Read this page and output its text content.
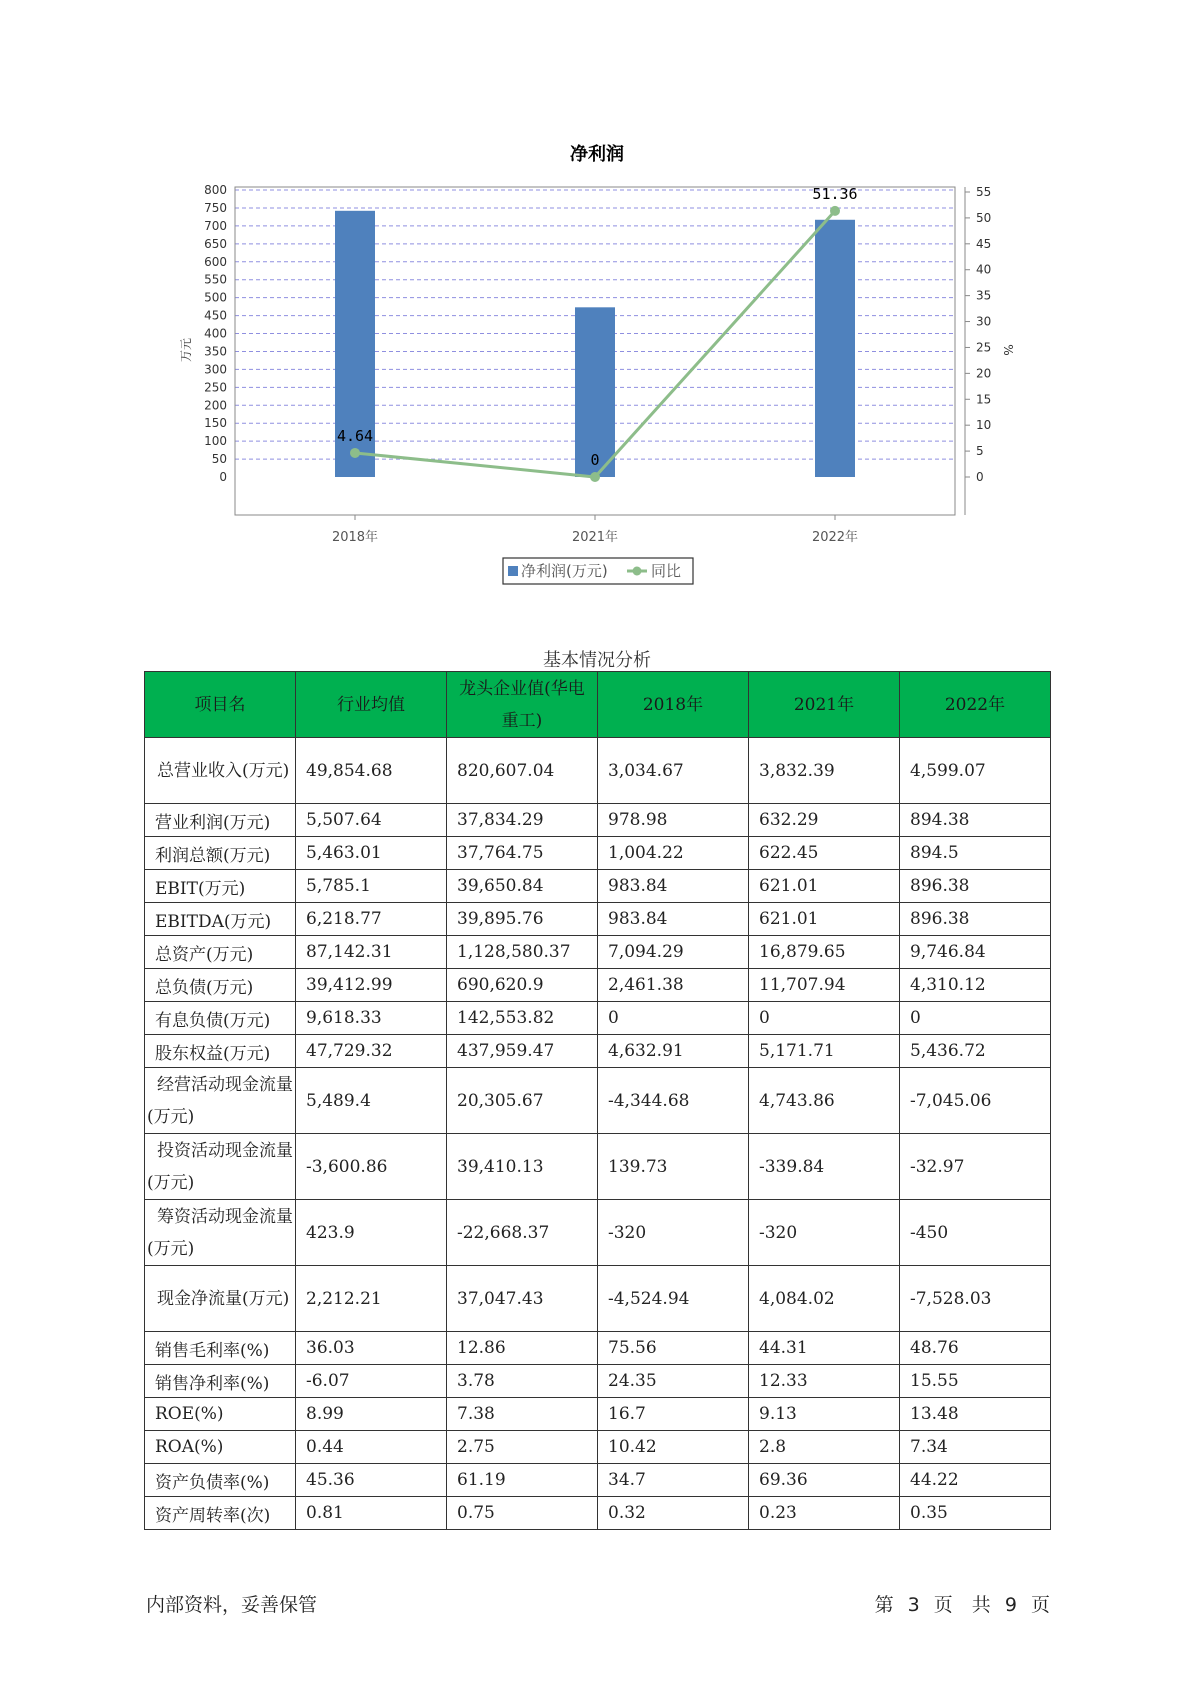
净利润
0
50
100
150
200
250
300
350
400
450
500
550
600
650
700
750
800
0
5
10
15
20
25
30
35
40
45
50
55
万元	%
2018年	2021年	2022年
4.64
0
51.36
净利润(万元)	同比
基本情况分析
项目名	行业均值	龙头企业值(华电重工)	2018年	2021年	2022年
总营业收入(万元)	49,854.68	820,607.04	3,034.67	3,832.39	4,599.07
营业利润(万元)	5,507.64	37,834.29	978.98	632.29	894.38
利润总额(万元)	5,463.01	37,764.75	1,004.22	622.45	894.5
EBIT(万元)	5,785.1	39,650.84	983.84	621.01	896.38
EBITDA(万元)	6,218.77	39,895.76	983.84	621.01	896.38
总资产(万元)	87,142.31	1,128,580.37	7,094.29	16,879.65	9,746.84
总负债(万元)	39,412.99	690,620.9	2,461.38	11,707.94	4,310.12
有息负债(万元)	9,618.33	142,553.82	0	0	0
股东权益(万元)	47,729.32	437,959.47	4,632.91	5,171.71	5,436.72
经营活动现金流量(万元)	5,489.4	20,305.67	-4,344.68	4,743.86	-7,045.06
投资活动现金流量(万元)	-3,600.86	39,410.13	139.73	-339.84	-32.97
筹资活动现金流量(万元)	423.9	-22,668.37	-320	-320	-450
现金净流量(万元)	2,212.21	37,047.43	-4,524.94	4,084.02	-7,528.03
销售毛利率(%)	36.03	12.86	75.56	44.31	48.76
销售净利率(%)	-6.07	3.78	24.35	12.33	15.55
ROE(%)	8.99	7.38	16.7	9.13	13.48
ROA(%)	0.44	2.75	10.42	2.8	7.34
资产负债率(%)	45.36	61.19	34.7	69.36	44.22
资产周转率(次)	0.81	0.75	0.32	0.23	0.35
内部资料，妥善保管	第 3 页　共 9 页
